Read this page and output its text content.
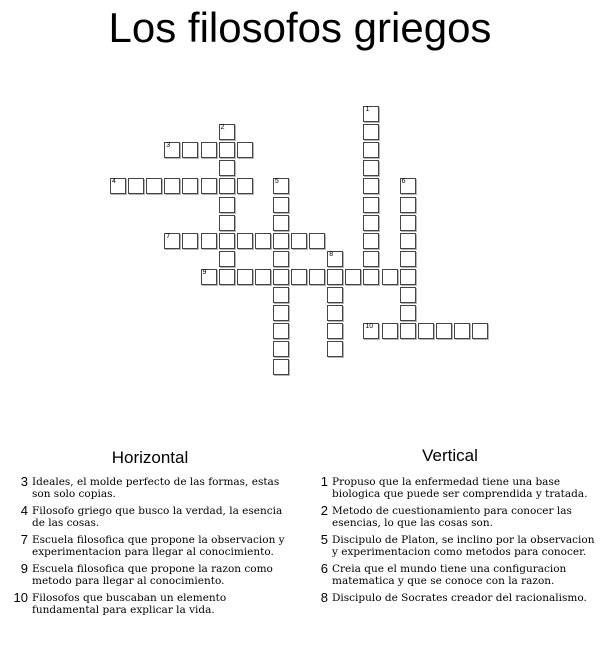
Los filosofos griegos
1
2
3
4	5	6
7
8
9
10
Horizontal	Vertical
3 Ideales, el molde perfecto de las formas, estas son solo copias.
4 Filosofo griego que busco la verdad, la esencia de las cosas.
7 Escuela filosofica que propone la observacion y experimentacion para llegar al conocimiento.
9 Escuela filosofica que propone la razon como metodo para llegar al conocimiento.
10 Filosofos que buscaban un elemento fundamental para explicar la vida.
1 Propuso que la enfermedad tiene una base biologica que puede ser comprendida y tratada.
2 Metodo de cuestionamiento para conocer las esencias, lo que las cosas son.
5 Discipulo de Platon, se inclino por la observacion y experimentacion como metodos para conocer.
6 Creia que el mundo tiene una configuracion matematica y que se conoce con la razon.
8 Discipulo de Socrates creador del racionalismo.
